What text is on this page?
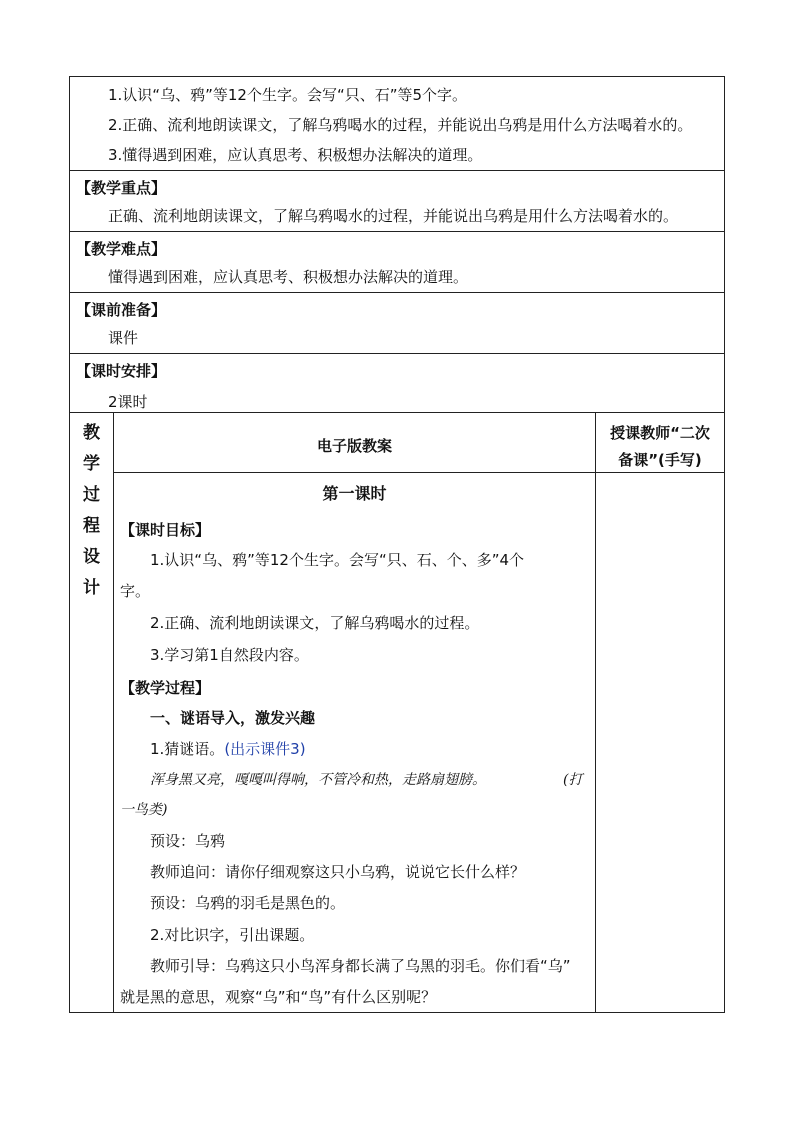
1.认识“乌、鸦”等12个生字。会写“只、石”等5个字。
2.正确、流利地朗读课文，了解乌鸦喝水的过程，并能说出乌鸦是用什么方法喝着水的。
3.懂得遇到困难，应认真思考、积极想办法解决的道理。
【教学重点】
正确、流利地朗读课文，了解乌鸦喝水的过程，并能说出乌鸦是用什么方法喝着水的。
【教学难点】
懂得遇到困难，应认真思考、积极想办法解决的道理。
【课前准备】
课件
【课时安排】
2课时
教
学
过
程
设
计
电子版教案
授课教师“二次
备课”(手写)
第一课时
【课时目标】
1.认识“乌、鸦”等12个生字。会写“只、石、个、多”4个
字。
2.正确、流利地朗读课文，了解乌鸦喝水的过程。
3.学习第1自然段内容。
【教学过程】
一、谜语导入，激发兴趣
1.猜谜语。(出示课件3)
浑身黑又亮，嘎嘎叫得响，不管冷和热，走路扇翅膀。	(打
一鸟类)
预设：乌鸦
教师追问：请你仔细观察这只小乌鸦，说说它长什么样？
预设：乌鸦的羽毛是黑色的。
2.对比识字，引出课题。
教师引导：乌鸦这只小鸟浑身都长满了乌黑的羽毛。你们看“乌”
就是黑的意思，观察“乌”和“鸟”有什么区别呢？
